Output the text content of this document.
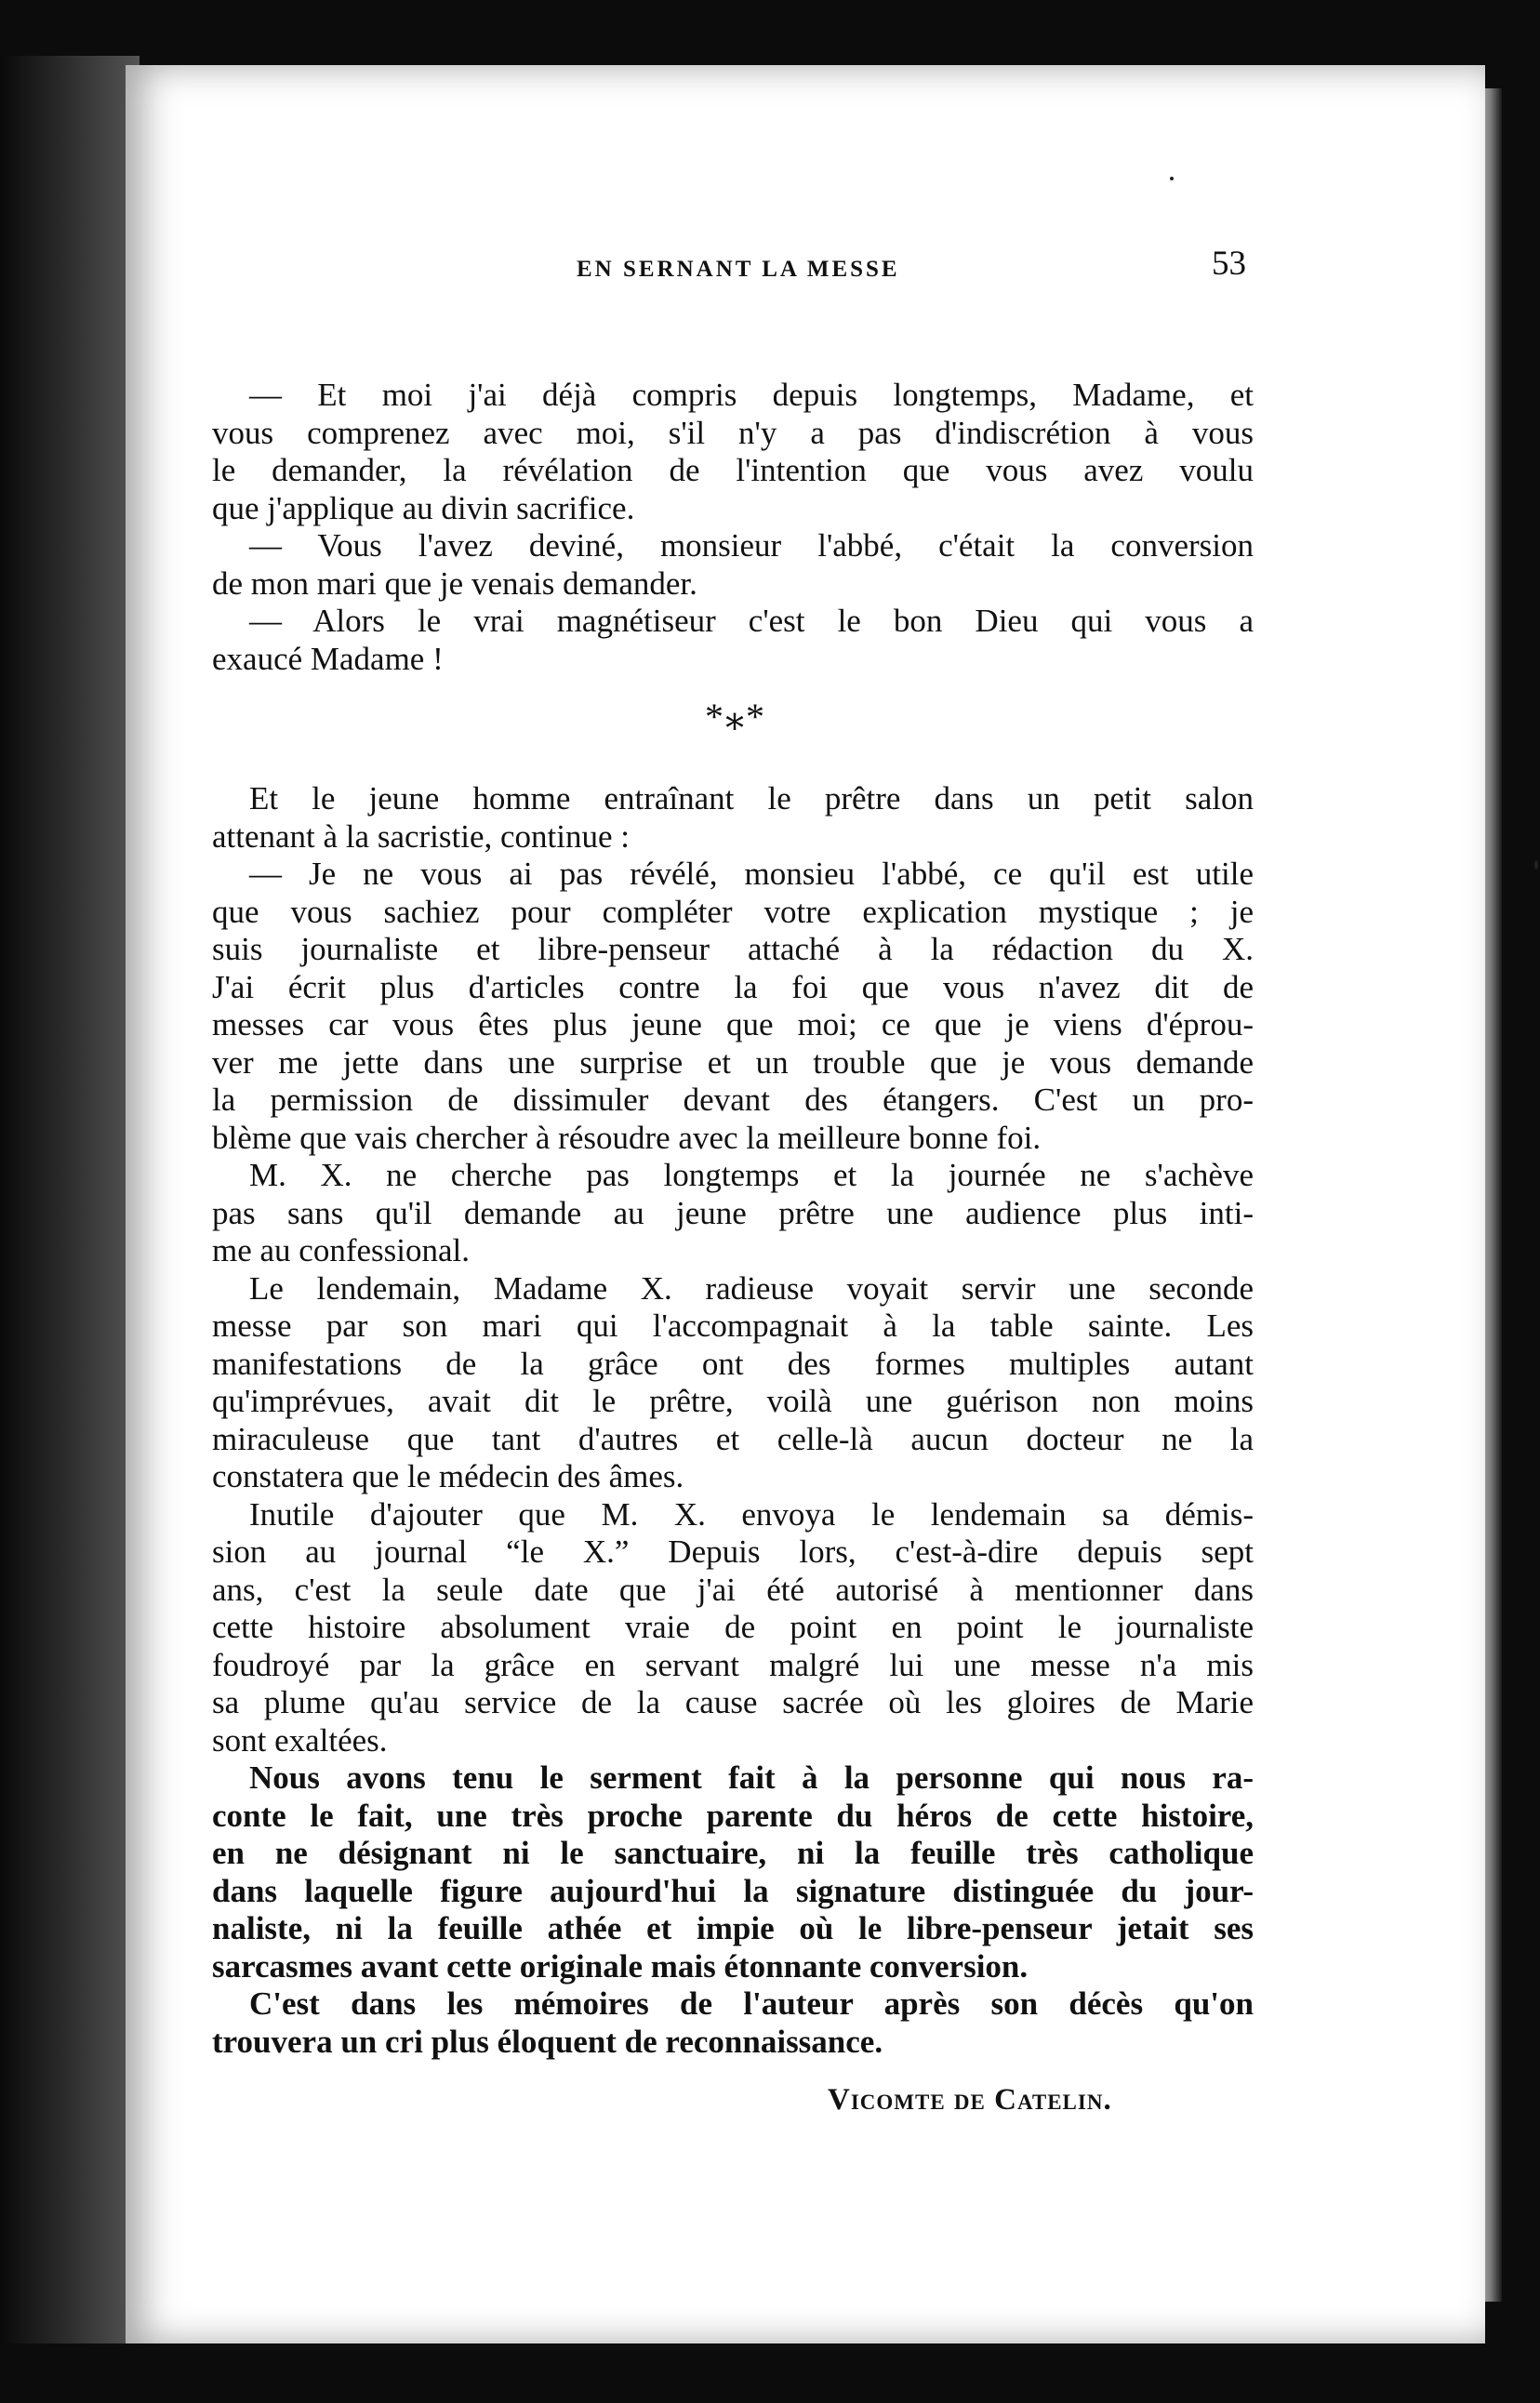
EN SERNANT LA MESSE	53

— Et moi j'ai déjà compris depuis longtemps, Madame, et
vous comprenez avec moi, s'il n'y a pas d'indiscrétion à vous
le demander, la révélation de l'intention que vous avez voulu
que j'applique au divin sacrifice.

— Vous l'avez deviné, monsieur l'abbé, c'était la conversion
de mon mari que je venais demander.

— Alors le vrai magnétiseur c'est le bon Dieu qui vous a
exaucé Madame !

*⁎*

Et le jeune homme entraînant le prêtre dans un petit salon
attenant à la sacristie, continue :

— Je ne vous ai pas révélé, monsieu l'abbé, ce qu'il est utile
que vous sachiez pour compléter votre explication mystique ; je
suis journaliste et libre-penseur attaché à la rédaction du X.
J'ai écrit plus d'articles contre la foi que vous n'avez dit de
messes car vous êtes plus jeune que moi; ce que je viens d'éprou-
ver me jette dans une surprise et un trouble que je vous demande
la permission de dissimuler devant des étangers. C'est un pro-
blème que vais chercher à résoudre avec la meilleure bonne foi.

M. X. ne cherche pas longtemps et la journée ne s'achève
pas sans qu'il demande au jeune prêtre une audience plus inti-
me au confessional.

Le lendemain, Madame X. radieuse voyait servir une seconde
messe par son mari qui l'accompagnait à la table sainte. Les
manifestations de la grâce ont des formes multiples autant
qu'imprévues, avait dit le prêtre, voilà une guérison non moins
miraculeuse que tant d'autres et celle-là aucun docteur ne la
constatera que le médecin des âmes.

Inutile d'ajouter que M. X. envoya le lendemain sa démis-
sion au journal “le X.” Depuis lors, c'est-à-dire depuis sept
ans, c'est la seule date que j'ai été autorisé à mentionner dans
cette histoire absolument vraie de point en point le journaliste
foudroyé par la grâce en servant malgré lui une messe n'a mis
sa plume qu'au service de la cause sacrée où les gloires de Marie
sont exaltées.

Nous avons tenu le serment fait à la personne qui nous ra-
conte le fait, une très proche parente du héros de cette histoire,
en ne désignant ni le sanctuaire, ni la feuille très catholique
dans laquelle figure aujourd'hui la signature distinguée du jour-
naliste, ni la feuille athée et impie où le libre-penseur jetait ses
sarcasmes avant cette originale mais étonnante conversion.

C'est dans les mémoires de l'auteur après son décès qu'on
trouvera un cri plus éloquent de reconnaissance.

Vicomte de Catelin.
